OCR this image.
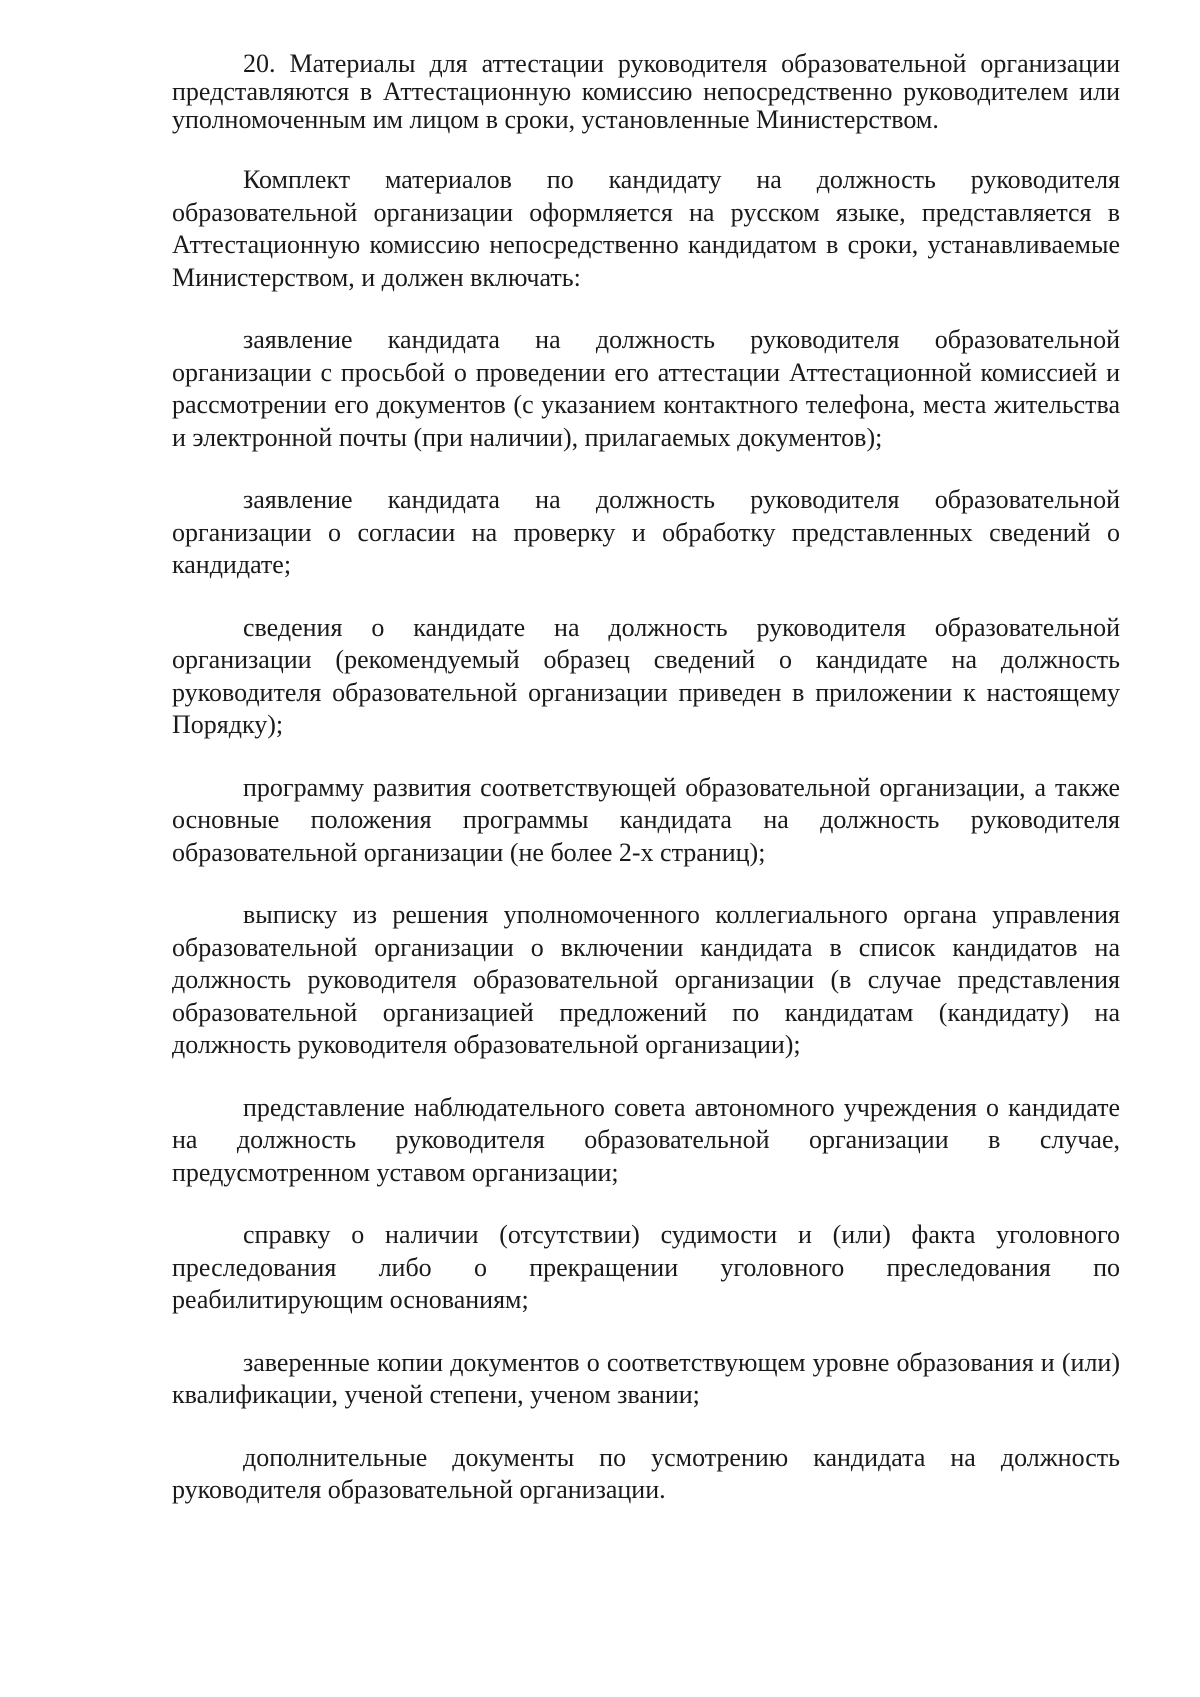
20. Материалы для аттестации руководителя образовательной организации представляются в Аттестационную комиссию непосредственно руководителем или уполномоченным им лицом в сроки, установленные Министерством.

Комплект материалов по кандидату на должность руководителя образовательной организации оформляется на русском языке, представляется в Аттестационную комиссию непосредственно кандидатом в сроки, устанавливаемые Министерством, и должен включать:

заявление кандидата на должность руководителя образовательной организации с просьбой о проведении его аттестации Аттестационной комиссией и рассмотрении его документов (с указанием контактного телефона, места жительства и электронной почты (при наличии), прилагаемых документов);

заявление кандидата на должность руководителя образовательной организации о согласии на проверку и обработку представленных сведений о кандидате;

сведения о кандидате на должность руководителя образовательной организации (рекомендуемый образец сведений о кандидате на должность руководителя образовательной организации приведен в приложении к настоящему Порядку);

программу развития соответствующей образовательной организации, а также основные положения программы кандидата на должность руководителя образовательной организации (не более 2-х страниц);

выписку из решения уполномоченного коллегиального органа управления образовательной организации о включении кандидата в список кандидатов на должность руководителя образовательной организации (в случае представления образовательной организацией предложений по кандидатам (кандидату) на должность руководителя образовательной организации);

представление наблюдательного совета автономного учреждения о кандидате на должность руководителя образовательной организации в случае, предусмотренном уставом организации;

справку о наличии (отсутствии) судимости и (или) факта уголовного преследования либо о прекращении уголовного преследования по реабилитирующим основаниям;

заверенные копии документов о соответствующем уровне образования и (или) квалификации, ученой степени, ученом звании;

дополнительные документы по усмотрению кандидата на должность руководителя образовательной организации.
